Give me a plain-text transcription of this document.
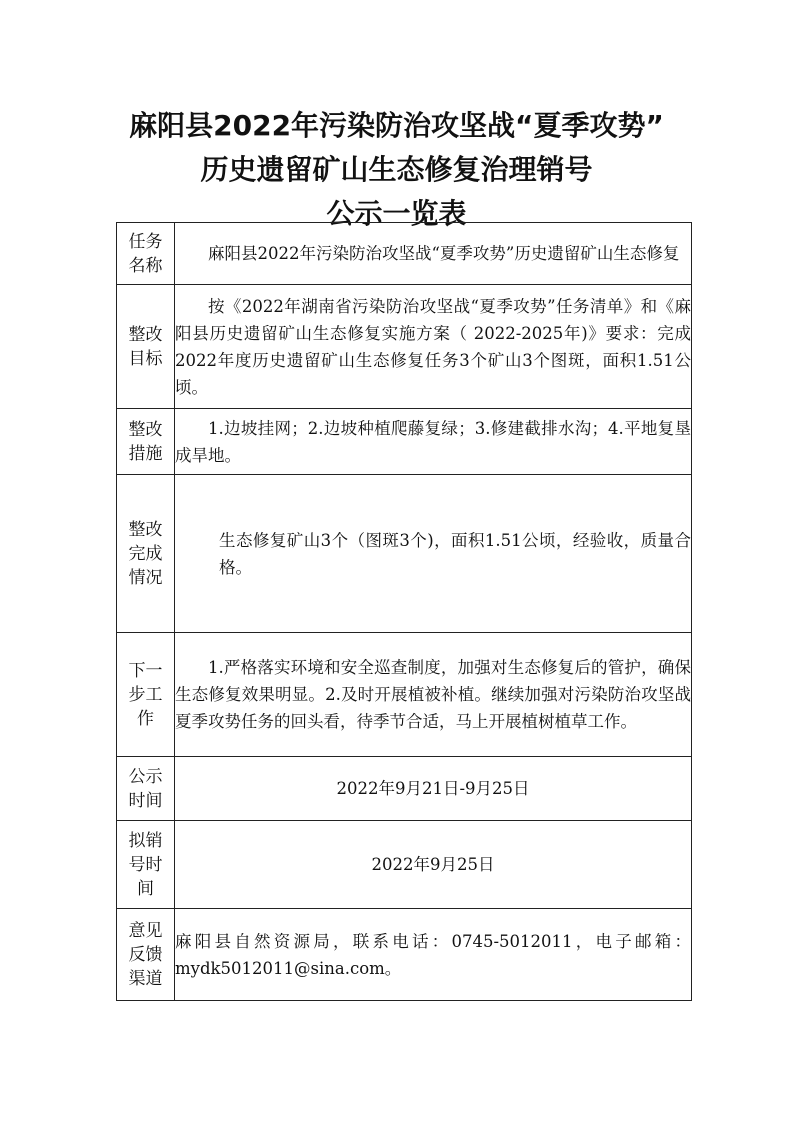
麻阳县2022年污染防治攻坚战“夏季攻势”
历史遗留矿山生态修复治理销号
公示一览表
任务
名称	麻阳县2022年污染防治攻坚战“夏季攻势”历史遗留矿山生态修复

整改
目标	按《2022年湖南省污染防治攻坚战“夏季攻势”任务清单》和《麻阳县历史遗留矿山生态修复实施方案（ 2022-2025年)》要求：完成2022年度历史遗留矿山生态修复任务3个矿山3个图斑，面积1.51公顷。

整改
措施	1.边坡挂网；2.边坡种植爬藤复绿；3.修建截排水沟；4.平地复垦成旱地。

整改
完成
情况	生态修复矿山3个（图斑3个)，面积1.51公顷，经验收，质量合格。

下一
步工
作	1.严格落实环境和安全巡查制度，加强对生态修复后的管护，确保生态修复效果明显。2.及时开展植被补植。继续加强对污染防治攻坚战夏季攻势任务的回头看，待季节合适，马上开展植树植草工作。

公示
时间	2022年9月21日-9月25日

拟销
号时
间	2022年9月25日

意见
反馈
渠道	麻阳县自然资源局，联系电话：0745-5012011，电子邮箱：mydk5012011@sina.com。
